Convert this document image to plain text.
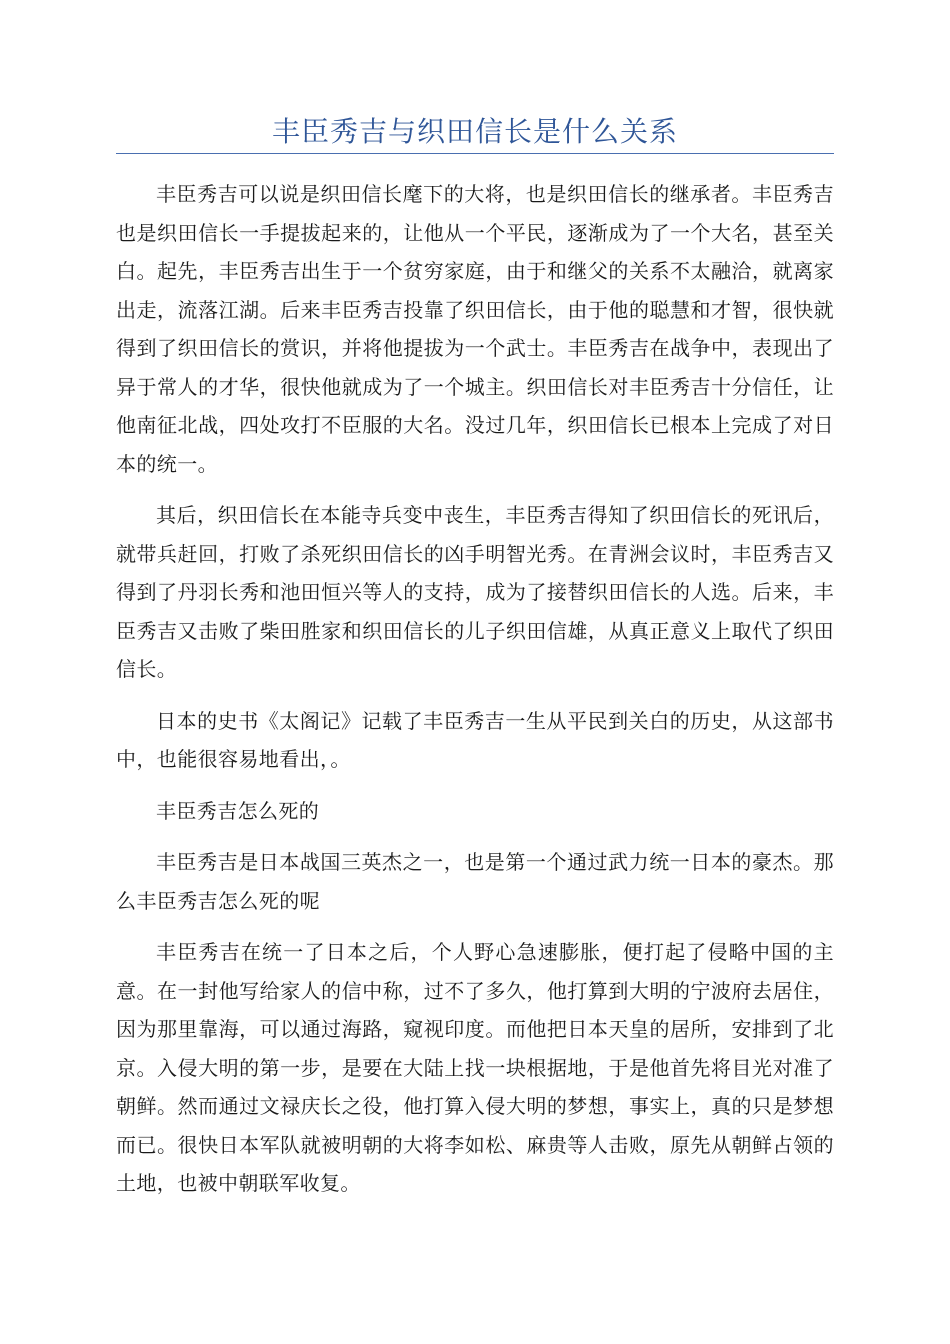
丰臣秀吉与织田信长是什么关系

丰臣秀吉可以说是织田信长麾下的大将，也是织田信长的继承者。丰臣秀吉也是织田信长一手提拔起来的，让他从一个平民，逐渐成为了一个大名，甚至关白。起先，丰臣秀吉出生于一个贫穷家庭，由于和继父的关系不太融洽，就离家出走，流落江湖。后来丰臣秀吉投靠了织田信长，由于他的聪慧和才智，很快就得到了织田信长的赏识，并将他提拔为一个武士。丰臣秀吉在战争中，表现出了异于常人的才华，很快他就成为了一个城主。织田信长对丰臣秀吉十分信任，让他南征北战，四处攻打不臣服的大名。没过几年，织田信长已根本上完成了对日本的统一。

其后，织田信长在本能寺兵变中丧生，丰臣秀吉得知了织田信长的死讯后，就带兵赶回，打败了杀死织田信长的凶手明智光秀。在青洲会议时，丰臣秀吉又得到了丹羽长秀和池田恒兴等人的支持，成为了接替织田信长的人选。后来，丰臣秀吉又击败了柴田胜家和织田信长的儿子织田信雄，从真正意义上取代了织田信长。

日本的史书《太阁记》记载了丰臣秀吉一生从平民到关白的历史，从这部书中，也能很容易地看出，。

丰臣秀吉怎么死的

丰臣秀吉是日本战国三英杰之一，也是第一个通过武力统一日本的豪杰。那么丰臣秀吉怎么死的呢

丰臣秀吉在统一了日本之后，个人野心急速膨胀，便打起了侵略中国的主意。在一封他写给家人的信中称，过不了多久，他打算到大明的宁波府去居住，因为那里靠海，可以通过海路，窥视印度。而他把日本天皇的居所，安排到了北京。入侵大明的第一步，是要在大陆上找一块根据地，于是他首先将目光对准了朝鲜。然而通过文禄庆长之役，他打算入侵大明的梦想，事实上，真的只是梦想而已。很快日本军队就被明朝的大将李如松、麻贵等人击败，原先从朝鲜占领的土地，也被中朝联军收复。
